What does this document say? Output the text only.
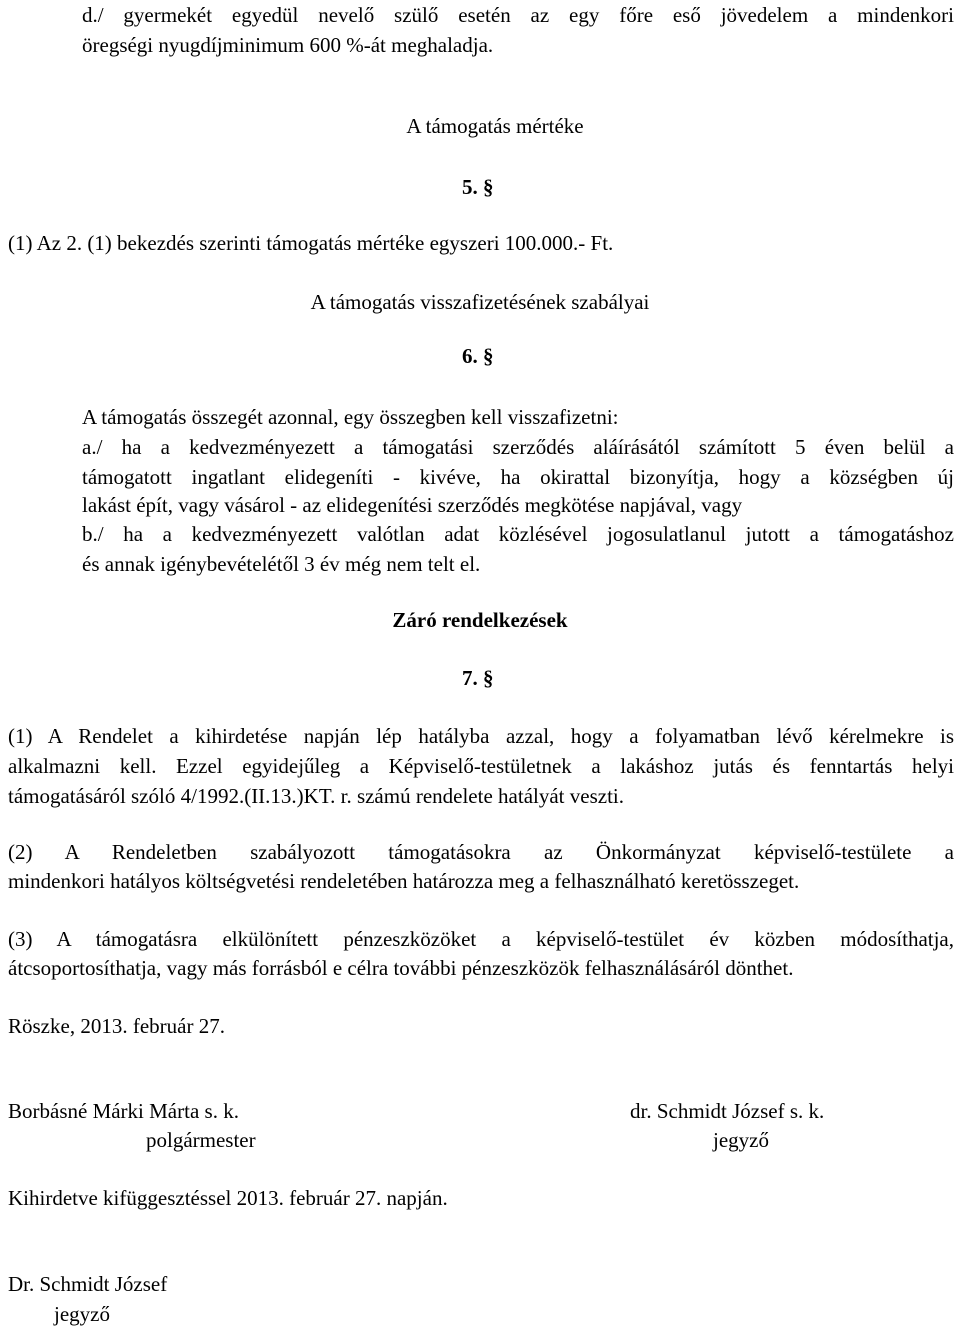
d./ gyermekét egyedül nevelő szülő esetén az egy főre eső jövedelem a mindenkori
öregségi nyugdíjminimum 600 %-át meghaladja.
A támogatás mértéke
5. §
(1) Az 2. (1) bekezdés szerinti támogatás mértéke egyszeri 100.000.- Ft.
A támogatás visszafizetésének szabályai
6. §
A támogatás összegét azonnal, egy összegben kell visszafizetni:
a./ ha a kedvezményezett a támogatási szerződés aláírásától számított 5 éven belül a
támogatott ingatlant elidegeníti - kivéve, ha okirattal bizonyítja, hogy a községben új
lakást épít, vagy vásárol - az elidegenítési szerződés megkötése napjával, vagy
b./ ha a kedvezményezett valótlan adat közlésével jogosulatlanul jutott a támogatáshoz
és annak igénybevételétől 3 év még nem telt el.
Záró rendelkezések
7. §
(1) A Rendelet a kihirdetése napján lép hatályba azzal, hogy a folyamatban lévő kérelmekre is
alkalmazni kell. Ezzel egyidejűleg a Képviselő-testületnek a lakáshoz jutás és fenntartás helyi
támogatásáról szóló 4/1992.(II.13.)KT. r. számú rendelete hatályát veszti.
(2) A Rendeletben szabályozott támogatásokra az Önkormányzat képviselő-testülete a
mindenkori hatályos költségvetési rendeletében határozza meg a felhasználható keretösszeget.
(3) A támogatásra elkülönített pénzeszközöket a képviselő-testület év közben módosíthatja,
átcsoportosíthatja, vagy más forrásból e célra további pénzeszközök felhasználásáról dönthet.
Röszke, 2013. február 27.
Borbásné Márki Márta s. k.
polgármester
dr. Schmidt József s. k.
jegyző
Kihirdetve kifüggesztéssel 2013. február 27. napján.
Dr. Schmidt József
jegyző
